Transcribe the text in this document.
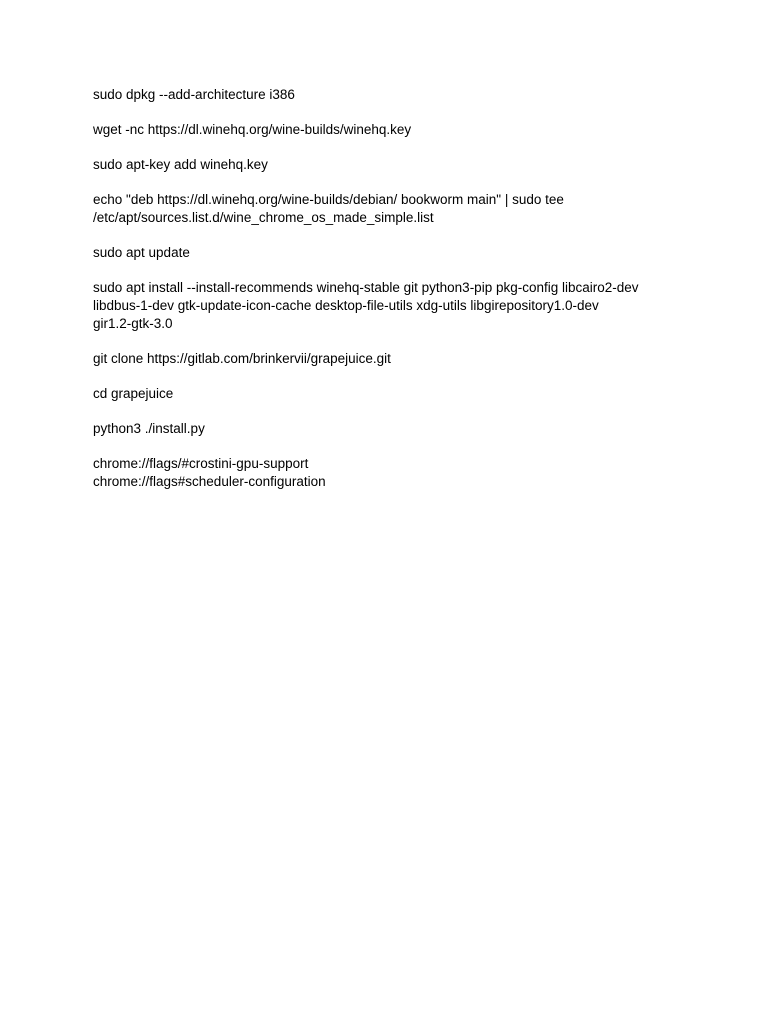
sudo dpkg --add-architecture i386
wget -nc https://dl.winehq.org/wine-builds/winehq.key
sudo apt-key add winehq.key
echo "deb https://dl.winehq.org/wine-builds/debian/ bookworm main" | sudo tee
/etc/apt/sources.list.d/wine_chrome_os_made_simple.list
sudo apt update
sudo apt install --install-recommends winehq-stable git python3-pip pkg-config libcairo2-dev
libdbus-1-dev gtk-update-icon-cache desktop-file-utils xdg-utils libgirepository1.0-dev
gir1.2-gtk-3.0
git clone https://gitlab.com/brinkervii/grapejuice.git
cd grapejuice
python3 ./install.py
chrome://flags/#crostini-gpu-support
chrome://flags#scheduler-configuration
